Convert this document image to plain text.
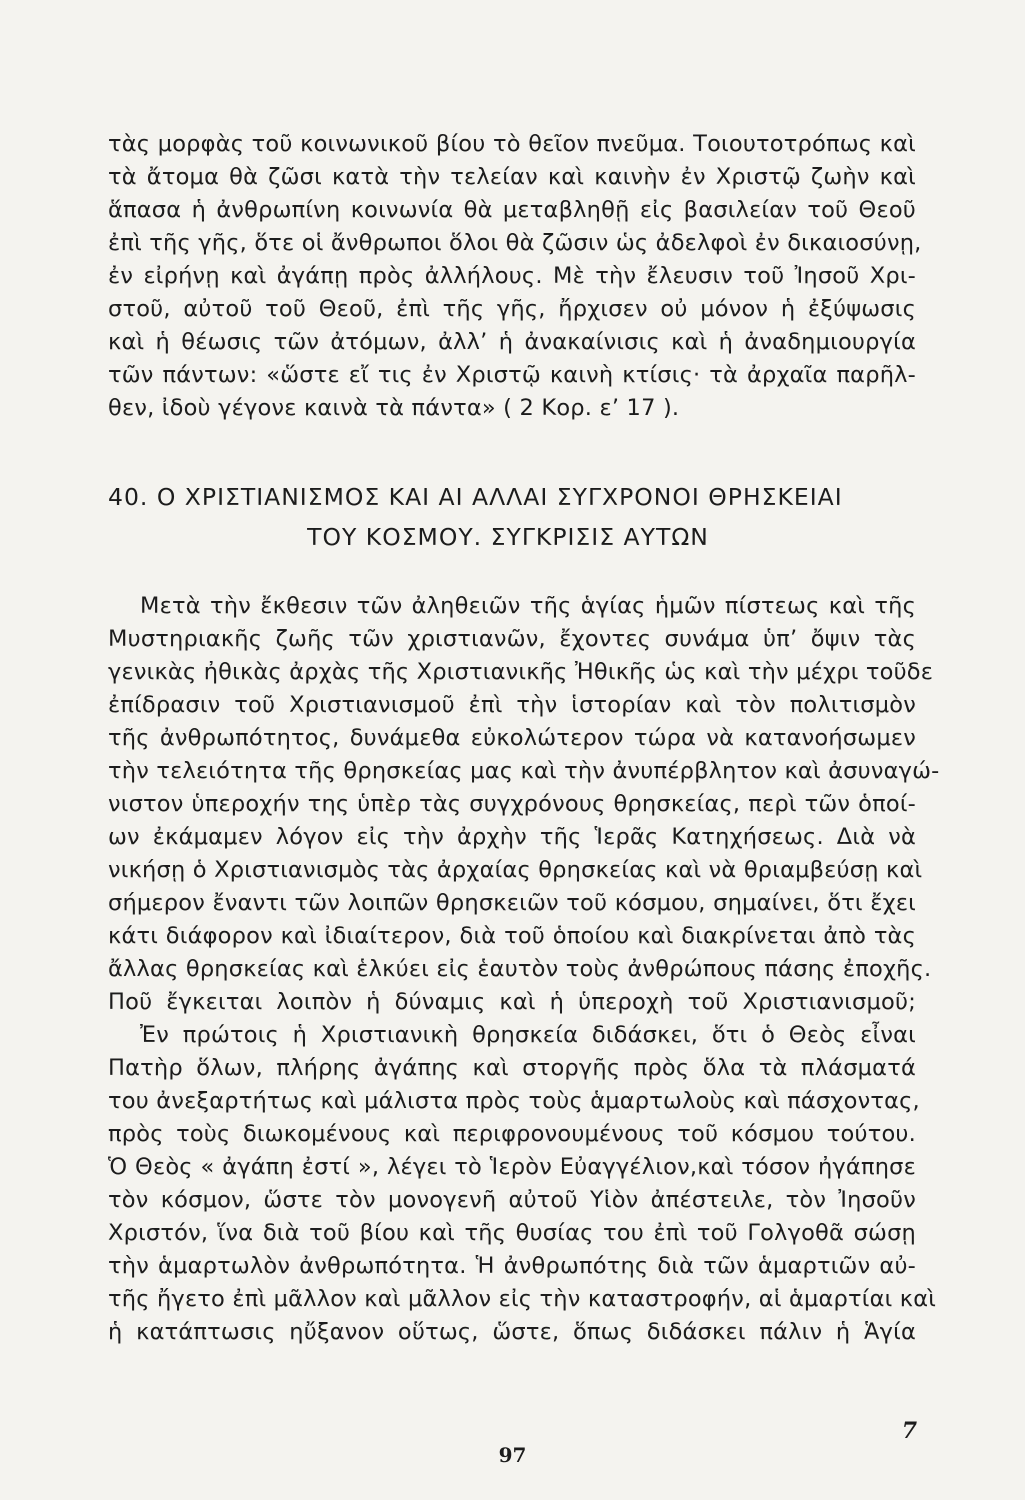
τὰς μορφὰς τοῦ κοινωνικοῦ βίου τὸ θεῖον πνεῦμα. Τοιουτοτρόπως καὶ
τὰ ἄτομα θὰ ζῶσι κατὰ τὴν τελείαν καὶ καινὴν ἐν Χριστῷ ζωὴν καὶ
ἅπασα ἡ ἀνθρωπίνη κοινωνία θὰ μεταβληθῇ εἰς βασιλείαν τοῦ Θεοῦ
ἐπὶ τῆς γῆς, ὅτε οἱ ἄνθρωποι ὅλοι θὰ ζῶσιν ὡς ἀδελφοὶ ἐν δικαιοσύνῃ,
ἐν εἰρήνῃ καὶ ἀγάπῃ πρὸς ἀλλήλους. Μὲ τὴν ἔλευσιν τοῦ Ἰησοῦ Χρι-
στοῦ, αὐτοῦ τοῦ Θεοῦ, ἐπὶ τῆς γῆς, ἤρχισεν οὐ μόνον ἡ ἐξύψωσις
καὶ ἡ θέωσις τῶν ἀτόμων, ἀλλ’ ἡ ἀνακαίνισις καὶ ἡ ἀναδημιουργία
τῶν πάντων: «ὥστε εἴ τις ἐν Χριστῷ καινὴ κτίσις· τὰ ἀρχαῖα παρῆλ-
θεν, ἰδοὺ γέγονε καινὰ τὰ πάντα» ( 2 Κορ. ε’ 17 ).
40. Ο ΧΡΙΣΤΙΑΝΙΣΜΟΣ ΚΑΙ ΑΙ ΑΛΛΑΙ ΣΥΓΧΡΟΝΟΙ ΘΡΗΣΚΕΙΑΙ
ΤΟΥ ΚΟΣΜΟΥ. ΣΥΓΚΡΙΣΙΣ ΑΥΤΩΝ
Μετὰ τὴν ἔκθεσιν τῶν ἀληθειῶν τῆς ἁγίας ἡμῶν πίστεως καὶ τῆς
Μυστηριακῆς ζωῆς τῶν χριστιανῶν, ἔχοντες συνάμα ὑπ’ ὄψιν τὰς
γενικὰς ἠθικὰς ἀρχὰς τῆς Χριστιανικῆς Ἠθικῆς ὡς καὶ τὴν μέχρι τοῦδε
ἐπίδρασιν τοῦ Χριστιανισμοῦ ἐπὶ τὴν ἱστορίαν καὶ τὸν πολιτισμὸν
τῆς ἀνθρωπότητος, δυνάμεθα εὐκολώτερον τώρα νὰ κατανοήσωμεν
τὴν τελειότητα τῆς θρησκείας μας καὶ τὴν ἀνυπέρβλητον καὶ ἀσυναγώ-
νιστον ὑπεροχήν της ὑπὲρ τὰς συγχρόνους θρησκείας, περὶ τῶν ὁποί-
ων ἐκάμαμεν λόγον εἰς τὴν ἀρχὴν τῆς Ἱερᾶς Κατηχήσεως. Διὰ νὰ
νικήσῃ ὁ Χριστιανισμὸς τὰς ἀρχαίας θρησκείας καὶ νὰ θριαμβεύσῃ καὶ
σήμερον ἔναντι τῶν λοιπῶν θρησκειῶν τοῦ κόσμου, σημαίνει, ὅτι ἔχει
κάτι διάφορον καὶ ἰδιαίτερον, διὰ τοῦ ὁποίου καὶ διακρίνεται ἀπὸ τὰς
ἄλλας θρησκείας καὶ ἑλκύει εἰς ἑαυτὸν τοὺς ἀνθρώπους πάσης ἐποχῆς.
Ποῦ ἔγκειται λοιπὸν ἡ δύναμις καὶ ἡ ὑπεροχὴ τοῦ Χριστιανισμοῦ;
Ἐν πρώτοις ἡ Χριστιανικὴ θρησκεία διδάσκει, ὅτι ὁ Θεὸς εἶναι
Πατὴρ ὅλων, πλήρης ἀγάπης καὶ στοργῆς πρὸς ὅλα τὰ πλάσματά
του ἀνεξαρτήτως καὶ μάλιστα πρὸς τοὺς ἁμαρτωλοὺς καὶ πάσχοντας,
πρὸς τοὺς διωκομένους καὶ περιφρονουμένους τοῦ κόσμου τούτου.
Ὁ Θεὸς « ἀγάπη ἐστί », λέγει τὸ Ἱερὸν Εὐαγγέλιον,καὶ τόσον ἠγάπησε
τὸν κόσμον, ὥστε τὸν μονογενῆ αὐτοῦ Υἱὸν ἀπέστειλε, τὸν Ἰησοῦν
Χριστόν, ἵνα διὰ τοῦ βίου καὶ τῆς θυσίας του ἐπὶ τοῦ Γολγοθᾶ σώσῃ
τὴν ἁμαρτωλὸν ἀνθρωπότητα. Ἡ ἀνθρωπότης διὰ τῶν ἁμαρτιῶν αὐ-
τῆς ἤγετο ἐπὶ μᾶλλον καὶ μᾶλλον εἰς τὴν καταστροφήν, αἱ ἁμαρτίαι καὶ
ἡ κατάπτωσις ηὔξανον οὕτως, ὥστε, ὅπως διδάσκει πάλιν ἡ Ἁγία
7
97
